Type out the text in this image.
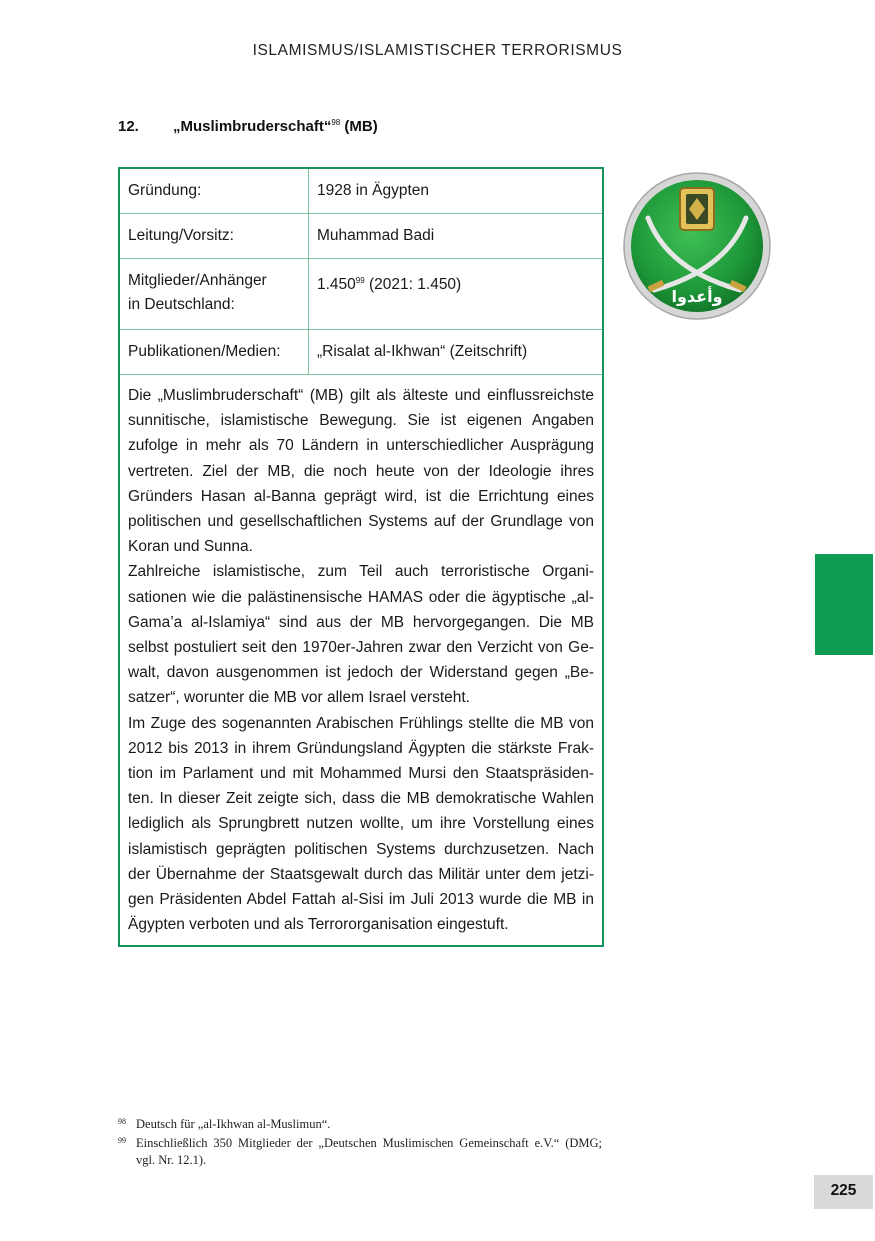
ISLAMISMUS/ISLAMISTISCHER TERRORISMUS
12. „Muslimbruderschaft“$^{98}$ (MB)
Gründung:	1928 in Ägypten
Leitung/Vorsitz:	Muhammad Badi
Mitglieder/Anhänger
in Deutschland:	1.450$^{99}$ (2021: 1.450)
Publikationen/Medien:	„Risalat al-Ikhwan“ (Zeitschrift)

Die „Muslimbruderschaft“ (MB) gilt als älteste und einflussreichste sunnitische, islamistische Bewegung. Sie ist eigenen Angaben zufolge in mehr als 70 Ländern in unterschiedlicher Ausprägung vertreten. Ziel der MB, die noch heute von der Ideologie ihres Gründers Hasan al-Banna geprägt wird, ist die Errichtung eines politischen und gesellschaftlichen Systems auf der Grundlage von Koran und Sunna.

Zahlreiche islamistische, zum Teil auch terroristische Organisationen wie die palästinensische HAMAS oder die ägyptische „al-Gama’a al-Islamiya“ sind aus der MB hervorgegangen. Die MB selbst postuliert seit den 1970er-Jahren zwar den Verzicht von Gewalt, davon ausgenommen ist jedoch der Widerstand gegen „Besatzer“, worunter die MB vor allem Israel versteht.

Im Zuge des sogenannten Arabischen Frühlings stellte die MB von 2012 bis 2013 in ihrem Gründungsland Ägypten die stärkste Fraktion im Parlament und mit Mohammed Mursi den Staatspräsidenten. In dieser Zeit zeigte sich, dass die MB demokratische Wahlen lediglich als Sprungbrett nutzen wollte, um ihre Vorstellung eines islamistisch geprägten politischen Systems durchzusetzen. Nach der Übernahme der Staatsgewalt durch das Militär unter dem jetzigen Präsidenten Abdel Fattah al-Sisi im Juli 2013 wurde die MB in Ägypten verboten und als Terrororganisation eingestuft.

وأعدوا
98 Deutsch für „al-Ikhwan al-Muslimun“.
99 Einschließlich 350 Mitglieder der „Deutschen Muslimischen Gemeinschaft e.V.“ (DMG; vgl. Nr. 12.1).
225
